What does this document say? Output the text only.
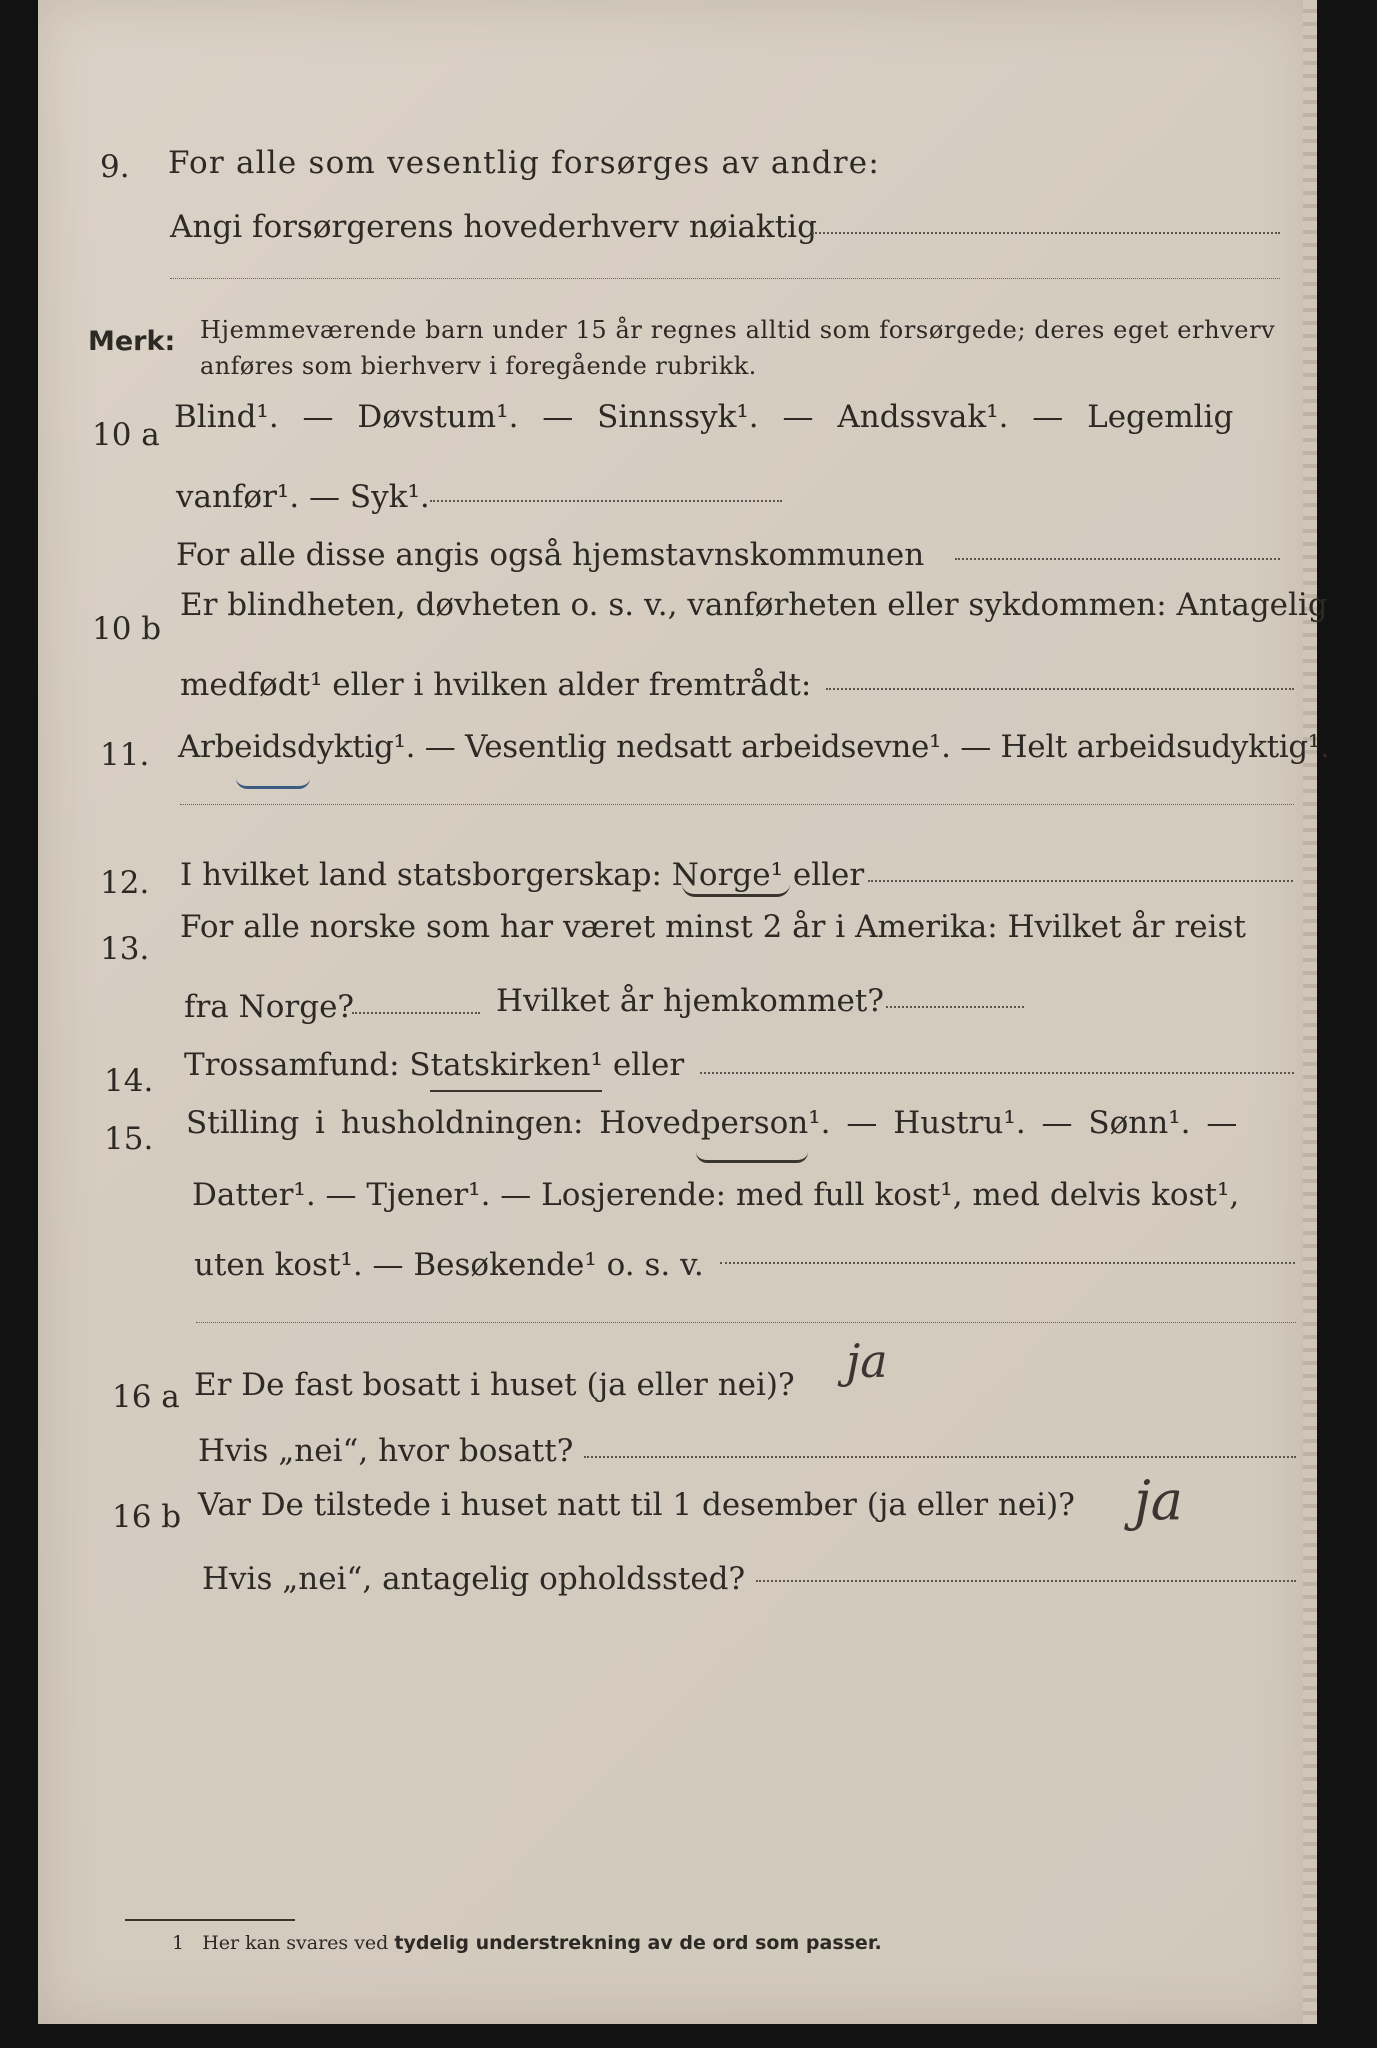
9. For alle som vesentlig forsørges av andre:
Angi forsørgerens hovederhverv nøiaktig
Merk: Hjemmeværende barn under 15 år regnes alltid som forsørgede; deres eget erhverv
anføres som bierhverv i foregående rubrikk.
10 a Blind¹. — Døvstum¹. — Sinnssyk¹. — Andssvak¹. — Legemlig
vanfør¹. — Syk¹.
For alle disse angis også hjemstavnskommunen
10 b
Er blindheten, døvheten o. s. v., vanførheten eller sykdommen: Antagelig
medfødt¹ eller i hvilken alder fremtrådt:
11. Arbeidsdyktig¹. — Vesentlig nedsatt arbeidsevne¹. — Helt arbeidsudyktig¹.
12. I hvilket land statsborgerskap: Norge¹ eller
13.
For alle norske som har været minst 2 år i Amerika: Hvilket år reist
fra Norge?	Hvilket år hjemkommet?
14. Trossamfund: Statskirken¹ eller
15. Stilling i husholdningen: Hovedperson¹. — Hustru¹. — Sønn¹. —
Datter¹. — Tjener¹. — Losjerende: med full kost¹, med delvis kost¹,
uten kost¹. — Besøkende¹ o. s. v.
16 a Er De fast bosatt i huset (ja eller nei)? ja
Hvis „nei“, hvor bosatt?
16 b Var De tilstede i huset natt til 1 desember (ja eller nei)? ja
Hvis „nei“, antagelig opholdssted?
1 Her kan svares ved tydelig understrekning av de ord som passer.
